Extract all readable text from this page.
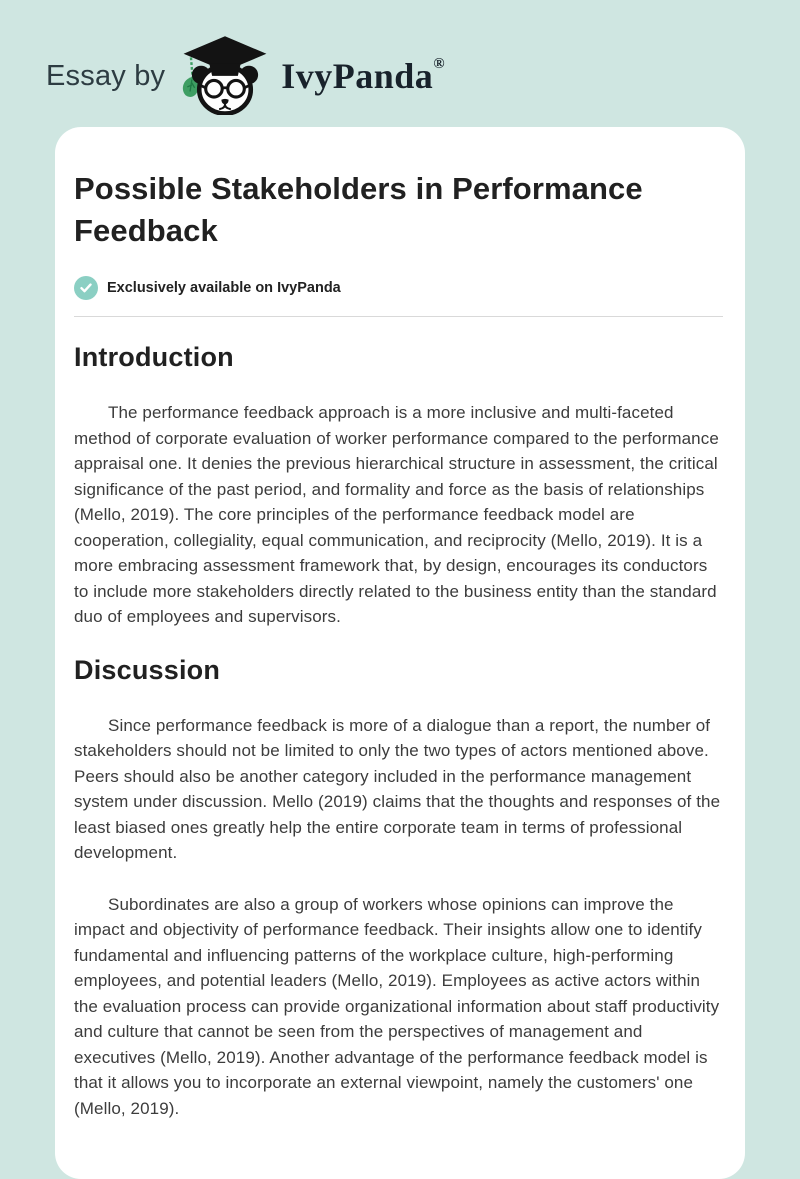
Essay by	IvyPanda ®
Possible Stakeholders in Performance Feedback
Exclusively available on IvyPanda
Introduction

The performance feedback approach is a more inclusive and multi-faceted method of corporate evaluation of worker performance compared to the performance appraisal one. It denies the previous hierarchical structure in assessment, the critical significance of the past period, and formality and force as the basis of relationships (Mello, 2019). The core principles of the performance feedback model are cooperation, collegiality, equal communication, and reciprocity (Mello, 2019). It is a more embracing assessment framework that, by design, encourages its conductors to include more stakeholders directly related to the business entity than the standard duo of employees and supervisors.

Discussion

Since performance feedback is more of a dialogue than a report, the number of stakeholders should not be limited to only the two types of actors mentioned above. Peers should also be another category included in the performance management system under discussion. Mello (2019) claims that the thoughts and responses of the least biased ones greatly help the entire corporate team in terms of professional development.

Subordinates are also a group of workers whose opinions can improve the impact and objectivity of performance feedback. Their insights allow one to identify fundamental and influencing patterns of the workplace culture, high-performing employees, and potential leaders (Mello, 2019). Employees as active actors within the evaluation process can provide organizational information about staff productivity and culture that cannot be seen from the perspectives of management and executives (Mello, 2019). Another advantage of the performance feedback model is that it allows you to incorporate an external viewpoint, namely the customers' one (Mello, 2019).
